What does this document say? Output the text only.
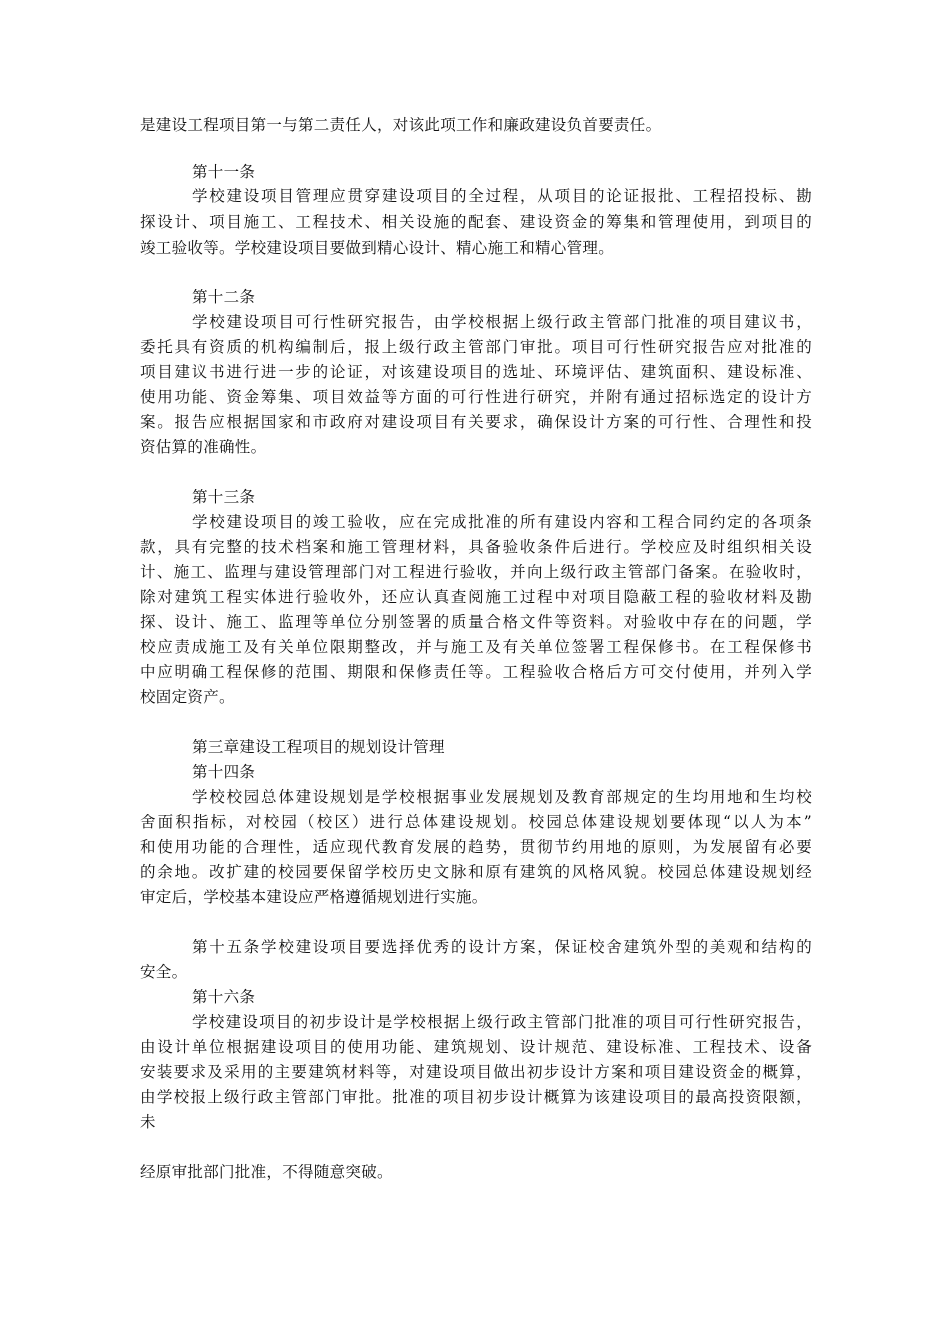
是建设工程项目第一与第二责任人，对该此项工作和廉政建设负首要责任。
第十一条
学校建设项目管理应贯穿建设项目的全过程，从项目的论证报批、工程招投标、勘
探设计、项目施工、工程技术、相关设施的配套、建设资金的筹集和管理使用，到项目的
竣工验收等。学校建设项目要做到精心设计、精心施工和精心管理。
第十二条
学校建设项目可行性研究报告，由学校根据上级行政主管部门批准的项目建议书，
委托具有资质的机构编制后，报上级行政主管部门审批。项目可行性研究报告应对批准的
项目建议书进行进一步的论证，对该建设项目的选址、环境评估、建筑面积、建设标准、
使用功能、资金筹集、项目效益等方面的可行性进行研究，并附有通过招标选定的设计方
案。报告应根据国家和市政府对建设项目有关要求，确保设计方案的可行性、合理性和投
资估算的准确性。
第十三条
学校建设项目的竣工验收，应在完成批准的所有建设内容和工程合同约定的各项条
款，具有完整的技术档案和施工管理材料，具备验收条件后进行。学校应及时组织相关设
计、施工、监理与建设管理部门对工程进行验收，并向上级行政主管部门备案。在验收时，
除对建筑工程实体进行验收外，还应认真查阅施工过程中对项目隐蔽工程的验收材料及勘
探、设计、施工、监理等单位分别签署的质量合格文件等资料。对验收中存在的问题，学
校应责成施工及有关单位限期整改，并与施工及有关单位签署工程保修书。在工程保修书
中应明确工程保修的范围、期限和保修责任等。工程验收合格后方可交付使用，并列入学
校固定资产。
第三章建设工程项目的规划设计管理
第十四条
学校校园总体建设规划是学校根据事业发展规划及教育部规定的生均用地和生均校
舍面积指标，对校园（校区）进行总体建设规划。校园总体建设规划要体现“以人为本”
和使用功能的合理性，适应现代教育发展的趋势，贯彻节约用地的原则，为发展留有必要
的余地。改扩建的校园要保留学校历史文脉和原有建筑的风格风貌。校园总体建设规划经
审定后，学校基本建设应严格遵循规划进行实施。
第十五条学校建设项目要选择优秀的设计方案，保证校舍建筑外型的美观和结构的
安全。
第十六条
学校建设项目的初步设计是学校根据上级行政主管部门批准的项目可行性研究报告，
由设计单位根据建设项目的使用功能、建筑规划、设计规范、建设标准、工程技术、设备
安装要求及采用的主要建筑材料等，对建设项目做出初步设计方案和项目建设资金的概算，
由学校报上级行政主管部门审批。批准的项目初步设计概算为该建设项目的最高投资限额，
未
经原审批部门批准，不得随意突破。
